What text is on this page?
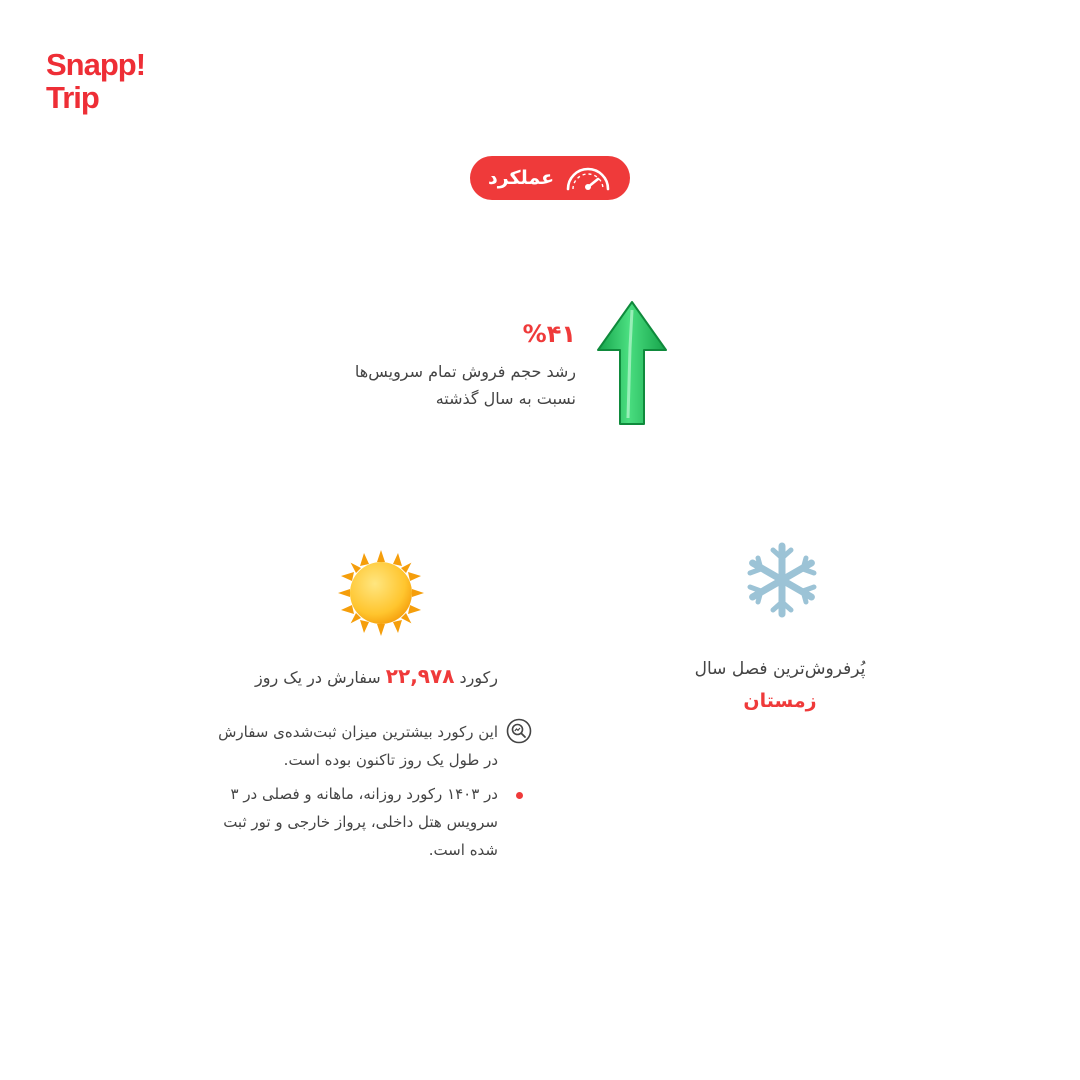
Snapp!
Trip
عملکرد
%۴۱
رشد حجم فروش تمام سرویس‌ها
نسبت به سال گذشته
پُرفروش‌ترین فصل سال
زمستان
رکورد ۲۲,۹۷۸ سفارش در یک روز
این رکورد بیشترین میزان ثبت‌شده‌ی سفارش در طول یک روز تاکنون بوده است.
در ۱۴۰۳ رکورد روزانه، ماهانه و فصلی در ۳ سرویس هتل داخلی، پرواز خارجی و تور ثبت شده است.
